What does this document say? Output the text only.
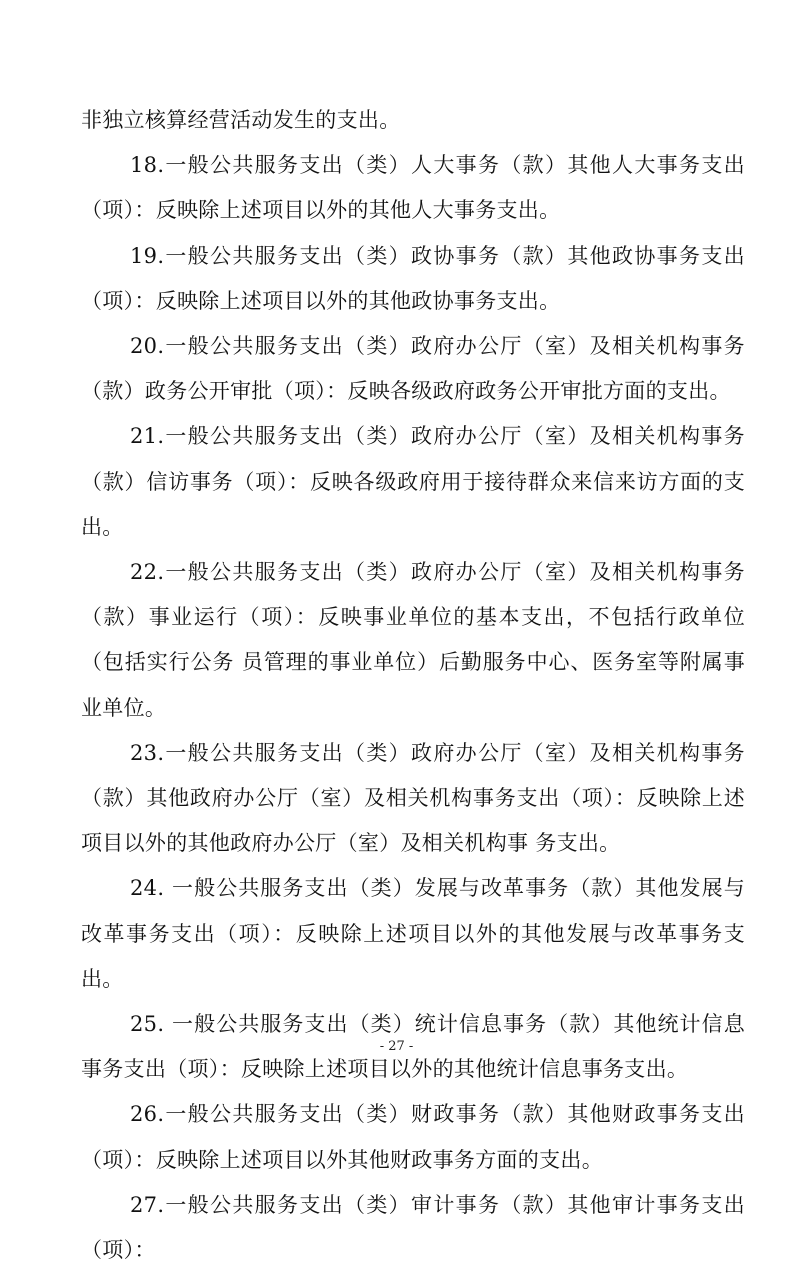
非独立核算经营活动发生的支出。

18.一般公共服务支出（类）人大事务（款）其他人大事务支出（项）：反映除上述项目以外的其他人大事务支出。

19.一般公共服务支出（类）政协事务（款）其他政协事务支出（项）：反映除上述项目以外的其他政协事务支出。

20.一般公共服务支出（类）政府办公厅（室）及相关机构事务（款）政务公开审批（项）：反映各级政府政务公开审批方面的支出。

21.一般公共服务支出（类）政府办公厅（室）及相关机构事务（款）信访事务（项）：反映各级政府用于接待群众来信来访方面的支出。

22.一般公共服务支出（类）政府办公厅（室）及相关机构事务（款）事业运行（项）：反映事业单位的基本支出，不包括行政单位（包括实行公务 员管理的事业单位）后勤服务中心、医务室等附属事业单位。

23.一般公共服务支出（类）政府办公厅（室）及相关机构事务（款）其他政府办公厅（室）及相关机构事务支出（项）：反映除上述项目以外的其他政府办公厅（室）及相关机构事 务支出。

24. 一般公共服务支出（类）发展与改革事务（款）其他发展与改革事务支出（项）：反映除上述项目以外的其他发展与改革事务支出。

25. 一般公共服务支出（类）统计信息事务（款）其他统计信息事务支出（项）：反映除上述项目以外的其他统计信息事务支出。

26.一般公共服务支出（类）财政事务（款）其他财政事务支出（项）：反映除上述项目以外其他财政事务方面的支出。

27.一般公共服务支出（类）审计事务（款）其他审计事务支出（项）：

- 27 -
